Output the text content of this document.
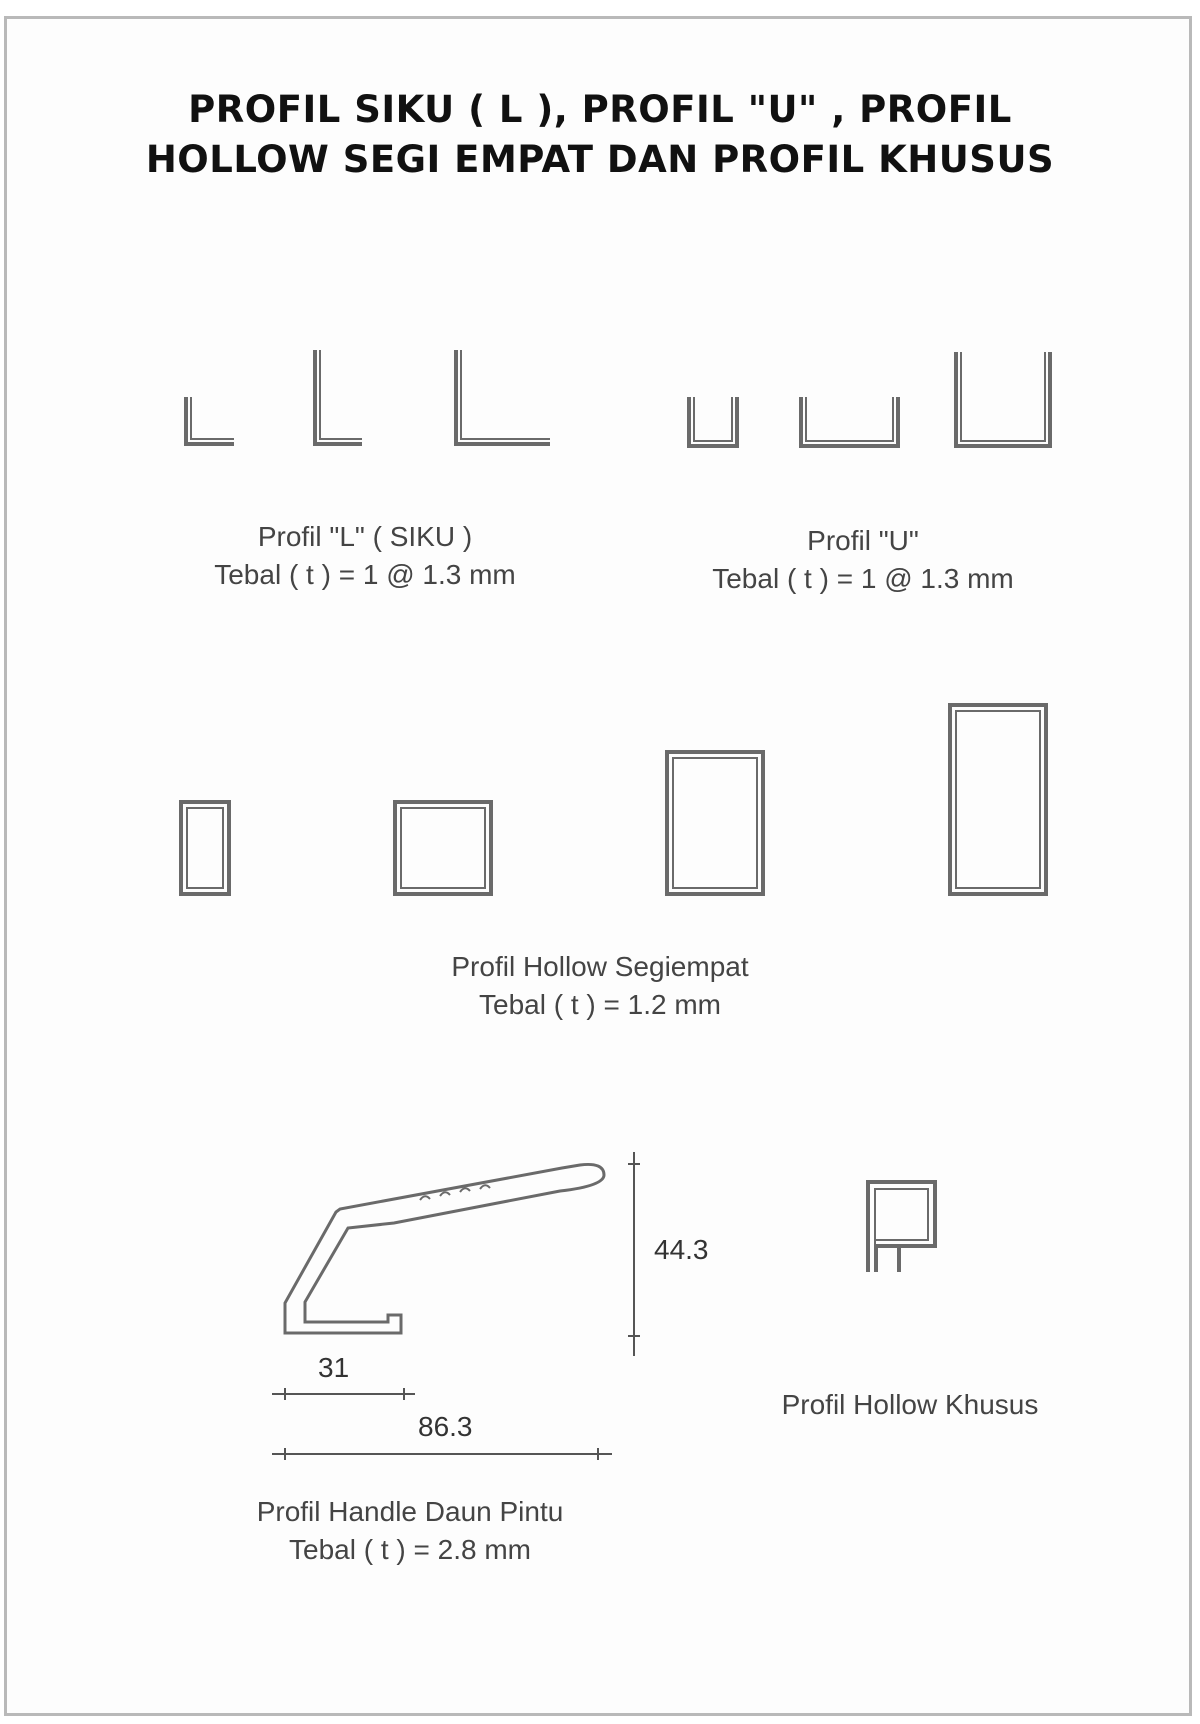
PROFIL SIKU ( L ), PROFIL "U" , PROFIL
HOLLOW SEGI EMPAT DAN PROFIL KHUSUS
Profil "L" ( SIKU )
Tebal ( t ) = 1 @ 1.3 mm
Profil "U"
Tebal ( t ) = 1 @ 1.3 mm
Profil Hollow Segiempat
Tebal ( t ) = 1.2 mm
Profil Handle Daun Pintu
Tebal ( t ) = 2.8 mm
Profil Hollow Khusus
44.3
31
86.3
